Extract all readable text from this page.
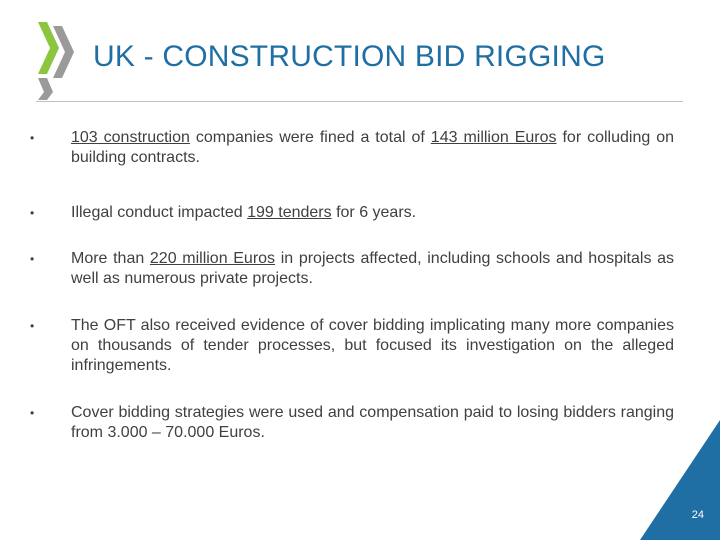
UK - CONSTRUCTION BID RIGGING
• 103 construction companies were fined a total of 143 million Euros for colluding on building contracts.
• Illegal conduct impacted 199 tenders for 6 years.
• More than 220 million Euros in projects affected, including schools and hospitals as well as numerous private projects.
• The OFT also received evidence of cover bidding implicating many more companies on thousands of tender processes, but focused its investigation on the alleged infringements.
• Cover bidding strategies were used and compensation paid to losing bidders ranging from 3.000 – 70.000 Euros.
24
